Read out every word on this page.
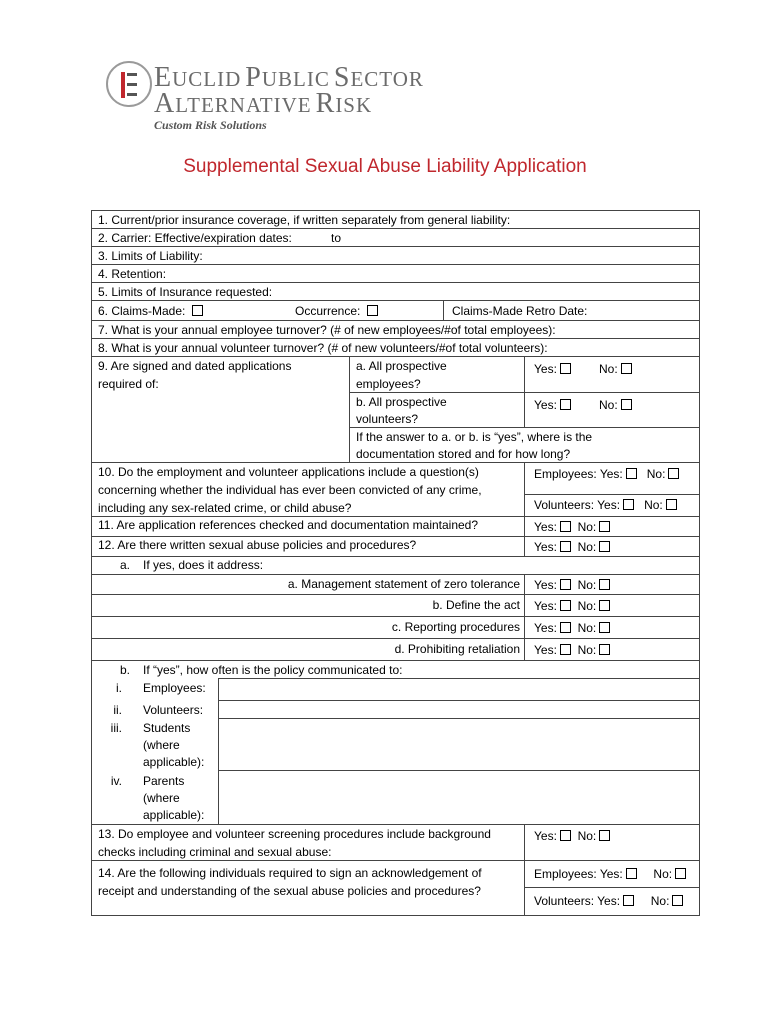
EUCLID PUBLIC SECTOR
ALTERNATIVE RISK
Custom Risk Solutions
Supplemental Sexual Abuse Liability Application
1. Current/prior insurance coverage, if written separately from general liability:
2. Carrier: Effective/expiration dates:	to
3. Limits of Liability:
4. Retention:
5. Limits of Insurance requested:
6. Claims-Made:	Occurrence:	Claims-Made Retro Date:
7. What is your annual employee turnover? (# of new employees/#of total employees):
8. What is your annual volunteer turnover? (# of new volunteers/#of total volunteers):
9. Are signed and dated applications
required of:
a. All prospective
employees?
Yes:	No:
b. All prospective
volunteers?
Yes:	No:
If the answer to a. or b. is “yes”, where is the
documentation stored and for how long?
10. Do the employment and volunteer applications include a question(s)
concerning whether the individual has ever been convicted of any crime,
including any sex-related crime, or child abuse?
Employees: Yes: No:
Volunteers: Yes: No:
11. Are application references checked and documentation maintained?	Yes: No:
12. Are there written sexual abuse policies and procedures?	Yes: No:
a. If yes, does it address:
a. Management statement of zero tolerance Yes: No:
b. Define the act Yes: No:
c. Reporting procedures Yes: No:
d. Prohibiting retaliation Yes: No:
b. If “yes”, how often is the policy communicated to:
i. Employees:
ii. Volunteers:
iii. Students
(where
applicable):
iv. Parents
(where
applicable):
13. Do employee and volunteer screening procedures include background
checks including criminal and sexual abuse:
Yes: No:
14. Are the following individuals required to sign an acknowledgement of
receipt and understanding of the sexual abuse policies and procedures?
Employees: Yes:	No:
Volunteers: Yes:	No:
